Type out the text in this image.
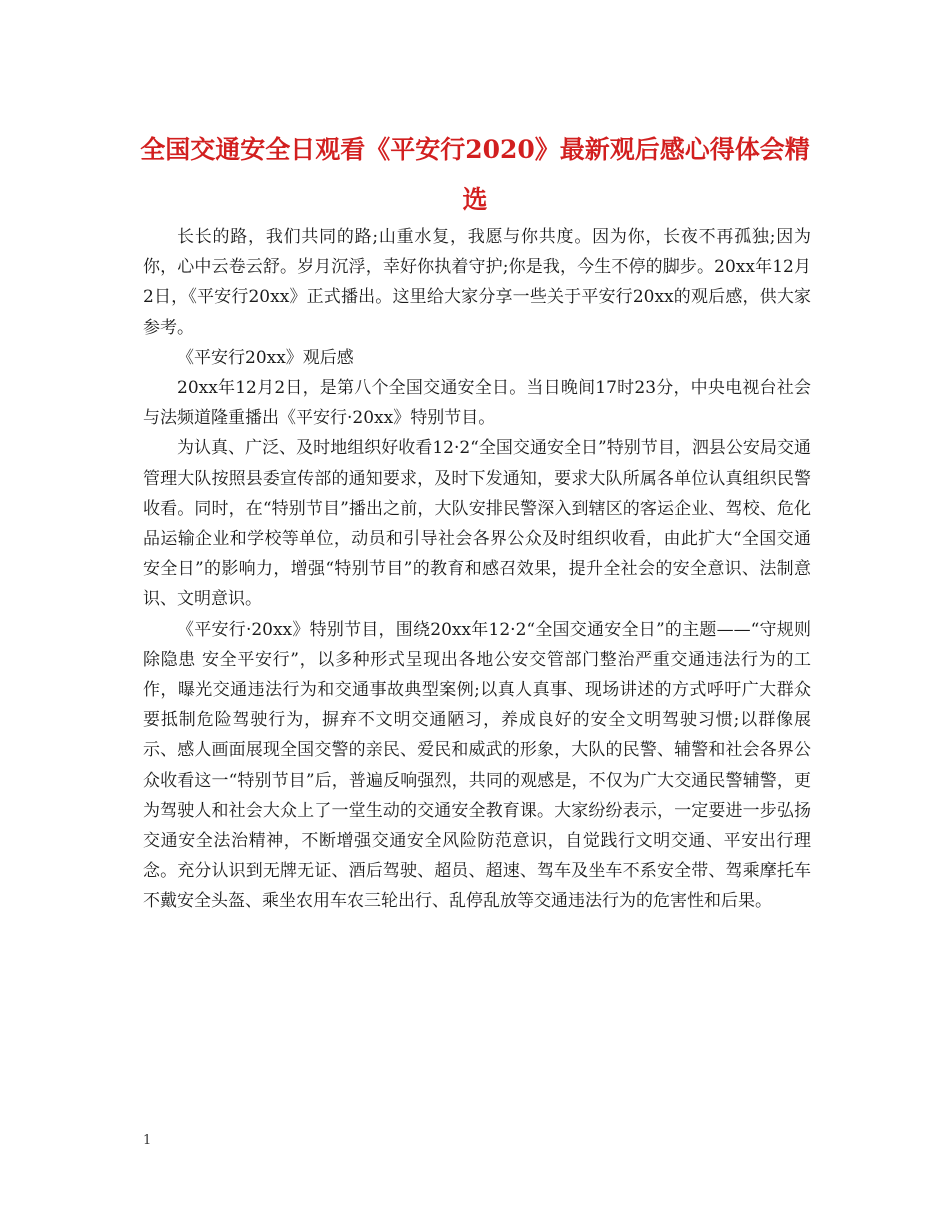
全国交通安全日观看《平安行2020》最新观后感心得体会精
选

长长的路，我们共同的路;山重水复，我愿与你共度。因为你，长夜不再孤独;因为你，心中云卷云舒。岁月沉浮，幸好你执着守护;你是我，今生不停的脚步。20xx年12月2日，《平安行20xx》正式播出。这里给大家分享一些关于平安行20xx的观后感，供大家参考。

《平安行20xx》观后感

20xx年12月2日，是第八个全国交通安全日。当日晚间17时23分，中央电视台社会与法频道隆重播出《平安行·20xx》特别节目。

为认真、广泛、及时地组织好收看12·2“全国交通安全日”特别节目，泗县公安局交通管理大队按照县委宣传部的通知要求，及时下发通知，要求大队所属各单位认真组织民警收看。同时，在“特别节目”播出之前，大队安排民警深入到辖区的客运企业、驾校、危化品运输企业和学校等单位，动员和引导社会各界公众及时组织收看，由此扩大“全国交通安全日”的影响力，增强“特别节目”的教育和感召效果，提升全社会的安全意识、法制意识、文明意识。

《平安行·20xx》特别节目，围绕20xx年12·2“全国交通安全日”的主题——“守规则除隐患 安全平安行”，以多种形式呈现出各地公安交管部门整治严重交通违法行为的工作，曝光交通违法行为和交通事故典型案例;以真人真事、现场讲述的方式呼吁广大群众要抵制危险驾驶行为，摒弃不文明交通陋习，养成良好的安全文明驾驶习惯;以群像展示、感人画面展现全国交警的亲民、爱民和威武的形象，大队的民警、辅警和社会各界公众收看这一“特别节目”后，普遍反响强烈，共同的观感是，不仅为广大交通民警辅警，更为驾驶人和社会大众上了一堂生动的交通安全教育课。大家纷纷表示，一定要进一步弘扬交通安全法治精神，不断增强交通安全风险防范意识，自觉践行文明交通、平安出行理念。充分认识到无牌无证、酒后驾驶、超员、超速、驾车及坐车不系安全带、驾乘摩托车不戴安全头盔、乘坐农用车农三轮出行、乱停乱放等交通违法行为的危害性和后果。

1
